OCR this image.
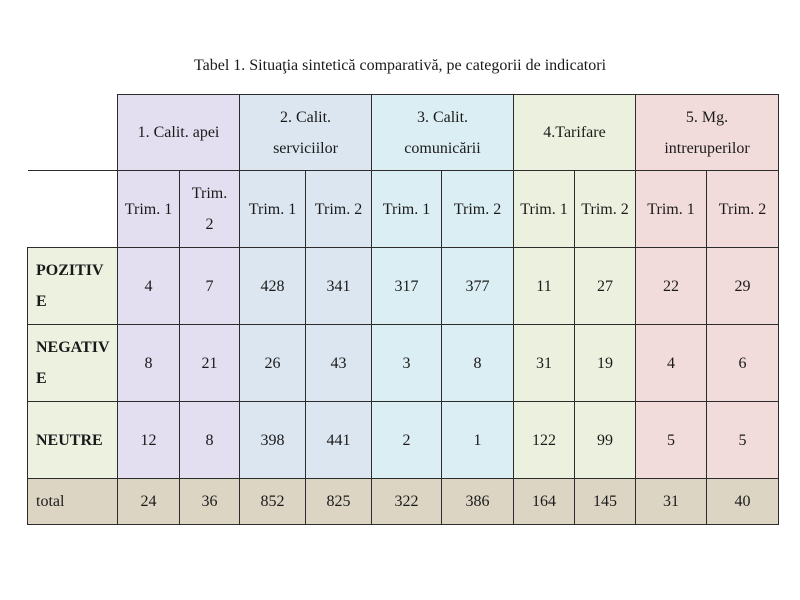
Tabel 1. Situaţia sintetică comparativă, pe categorii de indicatori
	1. Calit. apei		2. Calit. serviciilor		3. Calit. comunicării		4.Tarifare		5. Mg. intreruperilor	
	Trim. 1	Trim. 2	Trim. 1	Trim. 2	Trim. 1	Trim. 2	Trim. 1	Trim. 2	Trim. 1	Trim. 2
POZITIVE	4	7	428	341	317	377	11	27	22	29
NEGATIVE	8	21	26	43	3	8	31	19	4	6
NEUTRE	12	8	398	441	2	1	122	99	5	5
total	24	36	852	825	322	386	164	145	31	40
